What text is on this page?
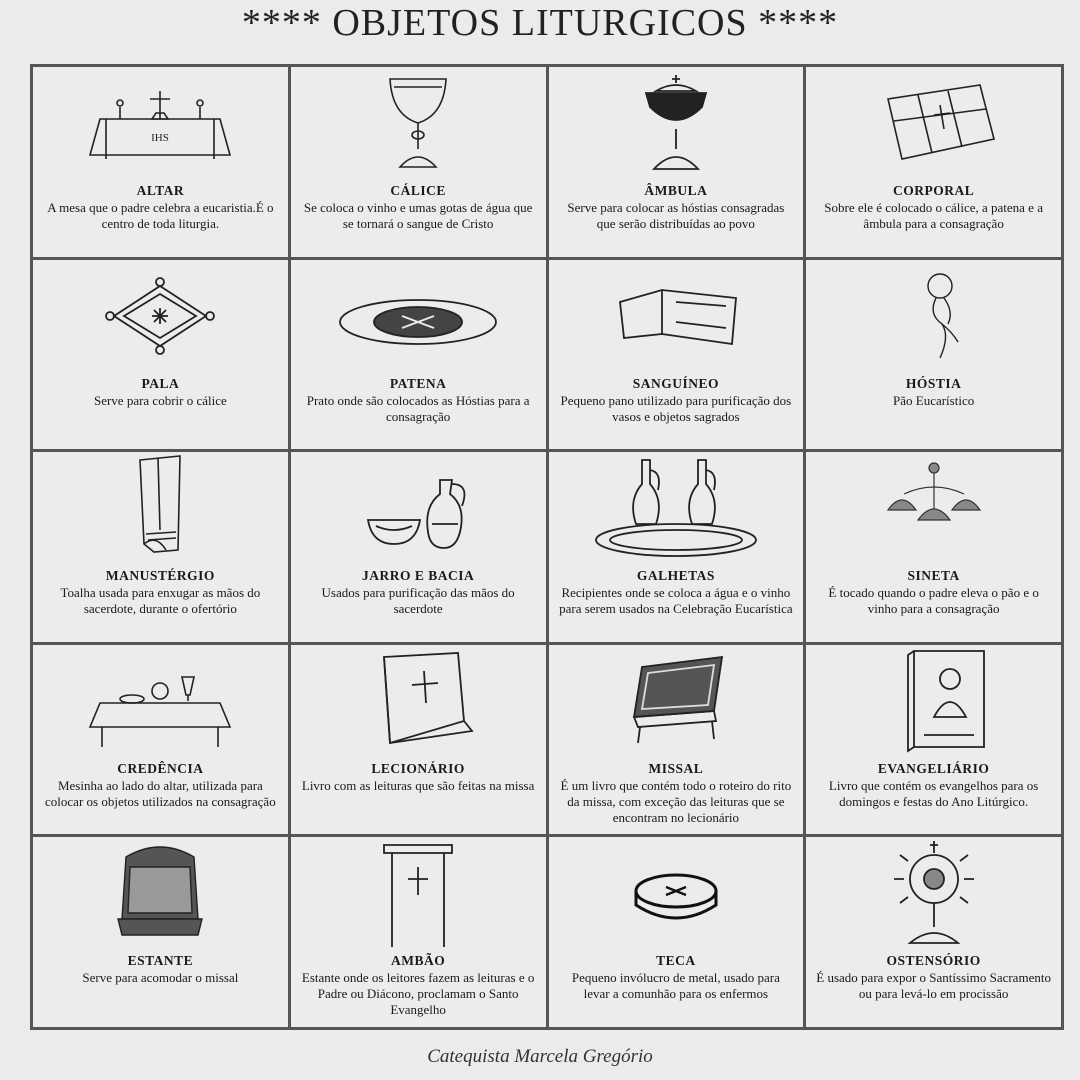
**** OBJETOS LITURGICOS ****
IHS
ALTAR
A mesa que o padre celebra a eucaristia.É o centro de toda liturgia.
CÁLICE
Se coloca o vinho e umas gotas de água que se tornará o sangue de Cristo
ÂMBULA
Serve para colocar as hóstias consagradas que serão distribuídas ao povo
CORPORAL
Sobre ele é colocado o cálice, a patena e a âmbula para a consagração
PALA
Serve para cobrir o cálice
PATENA
Prato onde são colocados as Hóstias para a consagração
SANGUÍNEO
Pequeno pano utilizado para purificação dos vasos e objetos sagrados
HÓSTIA
Pão Eucarístico
MANUSTÉRGIO
Toalha usada para enxugar as mãos do sacerdote, durante o ofertório
JARRO E BACIA
Usados para purificação das mãos do sacerdote
GALHETAS
Recipientes onde se coloca a água e o vinho para serem usados na Celebração Eucarística
SINETA
É tocado quando o padre eleva o pão e o vinho para a consagração
CREDÊNCIA
Mesinha ao lado do altar, utilizada para colocar os objetos utilizados na consagração
LECIONÁRIO
Livro com as leituras que são feitas na missa
MISSAL
É um livro que contém todo o roteiro do rito da missa, com exceção das leituras que se encontram no lecionário
EVANGELIÁRIO
Livro que contém os evangelhos para os domingos e festas do Ano Litúrgico.
ESTANTE
Serve para acomodar o missal
AMBÃO
Estante onde os leitores fazem as leituras e o Padre ou Diácono, proclamam o Santo Evangelho
TECA
Pequeno invólucro de metal, usado para levar a comunhão para os enfermos
OSTENSÓRIO
É usado para expor o Santíssimo Sacramento ou para levá-lo em procissão
Catequista Marcela Gregório
